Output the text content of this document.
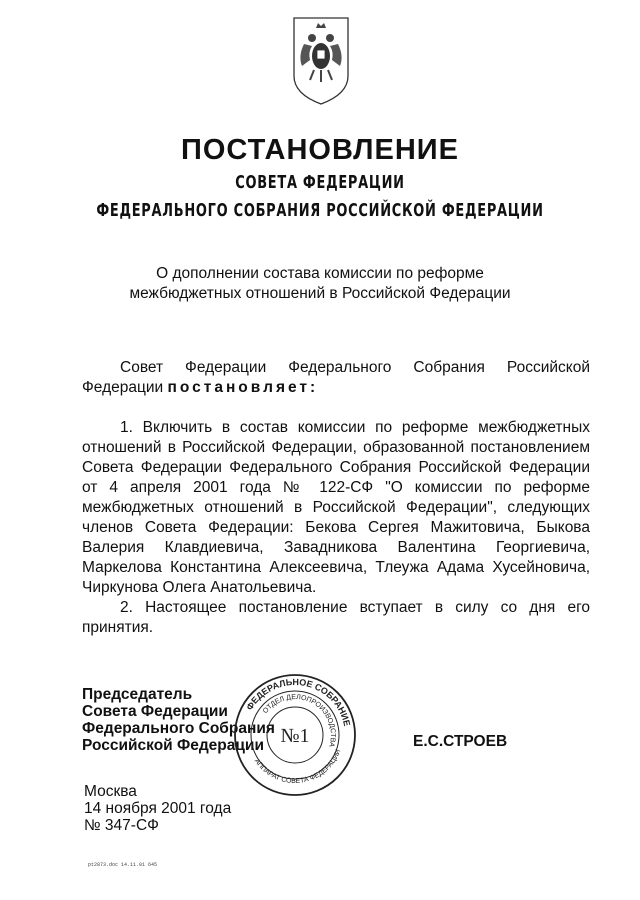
ПОСТАНОВЛЕНИЕ
СОВЕТА ФЕДЕРАЦИИ
ФЕДЕРАЛЬНОГО СОБРАНИЯ РОССИЙСКОЙ ФЕДЕРАЦИИ
О дополнении состава комиссии по реформе
межбюджетных отношений в Российской Федерации

Совет Федерации Федерального Собрания Российской Федерации постановляет:

1. Включить в состав комиссии по реформе межбюджетных отношений в Российской Федерации, образованной постановлением Совета Федерации Федерального Собрания Российской Федерации от 4 апреля 2001 года № 122-СФ "О комиссии по реформе межбюджетных отношений в Российской Федерации", следующих членов Совета Федерации: Бекова Сергея Мажитовича, Быкова Валерия Клавдиевича, Завадникова Валентина Георгиевича, Маркелова Константина Алексеевича, Тлеужа Адама Хусейновича, Чиркунова Олега Анатольевича.

2. Настоящее постановление вступает в силу со дня его принятия.

Председатель
Совета Федерации
Федерального Собрания
Российской Федерации
ФЕДЕРАЛЬНОЕ СОБРАНИЕ
ОТДЕЛ ДЕЛОПРОИЗВОДСТВА
АППАРАТ СОВЕТА ФЕДЕРАЦИИ
№1	Е.С.СТРОЕВ
Москва
14 ноября 2001 года
№ 347-СФ
pt2873.doc 14.11.01 645
